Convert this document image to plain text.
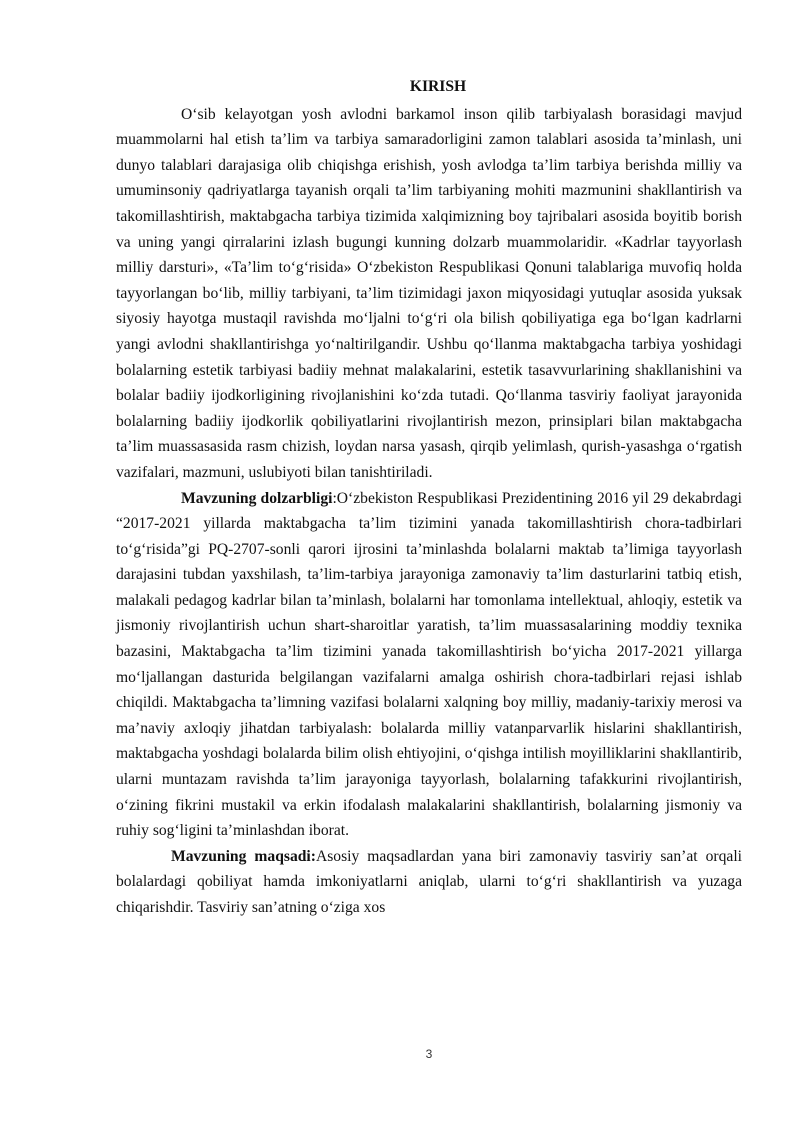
KIRISH

O‘sib kelayotgan yosh avlodni barkamol inson qilib tarbiyalash borasidagi mavjud muammolarni hal etish ta’lim va tarbiya samaradorligini zamon talablari asosida ta’minlash, uni dunyo talablari darajasiga olib chiqishga erishish, yosh avlodga ta’lim tarbiya berishda milliy va umuminsoniy qadriyatlarga tayanish orqali ta’lim tarbiyaning mohiti mazmunini shakllantirish va takomillashtirish, maktabgacha tarbiya tizimida xalqimizning boy tajribalari asosida boyitib borish va uning yangi qirralarini izlash bugungi kunning dolzarb muammolaridir. «Kadrlar tayyorlash milliy darsturi», «Ta’lim to‘g‘risida» O‘zbekiston Respublikasi Qonuni talablariga muvofiq holda tayyorlangan bo‘lib, milliy tarbiyani, ta’lim tizimidagi jaxon miqyosidagi yutuqlar asosida yuksak siyosiy hayotga mustaqil ravishda mo‘ljalni to‘g‘ri ola bilish qobiliyatiga ega bo‘lgan kadrlarni yangi avlodni shakllantirishga yo‘naltirilgandir. Ushbu qo‘llanma maktabgacha tarbiya yoshidagi bolalarning estetik tarbiyasi badiiy mehnat malakalarini, estetik tasavvurlarining shakllanishini va bolalar badiiy ijodkorligining rivojlanishini ko‘zda tutadi. Qo‘llanma tasviriy faoliyat jarayonida bolalarning badiiy ijodkorlik qobiliyatlarini rivojlantirish mezon, prinsiplari bilan maktabgacha ta’lim muassasasida rasm chizish, loydan narsa yasash, qirqib yelimlash, qurish-yasashga o‘rgatish vazifalari, mazmuni, uslubiyoti bilan tanishtiriladi.

Mavzuning dolzarbligi:O‘zbekiston Respublikasi Prezidentining 2016 yil 29 dekabrdagi “2017-2021 yillarda maktabgacha ta’lim tizimini yanada takomillashtirish chora-tadbirlari to‘g‘risida”gi PQ-2707-sonli qarori ijrosini ta’minlashda bolalarni maktab ta’limiga tayyorlash darajasini tubdan yaxshilash, ta’lim-tarbiya jarayoniga zamonaviy ta’lim dasturlarini tatbiq etish, malakali pedagog kadrlar bilan ta’minlash, bolalarni har tomonlama intellektual, ahloqiy, estetik va jismoniy rivojlantirish uchun shart-sharoitlar yaratish, ta’lim muassasalarining moddiy texnika bazasini, Maktabgacha ta’lim tizimini yanada takomillashtirish bo‘yicha 2017-2021 yillarga mo‘ljallangan dasturida belgilangan vazifalarni amalga oshirish chora-tadbirlari rejasi ishlab chiqildi. Maktabgacha ta’limning vazifasi bolalarni xalqning boy milliy, madaniy-tarixiy merosi va ma’naviy axloqiy jihatdan tarbiyalash: bolalarda milliy vatanparvarlik hislarini shakllantirish, maktabgacha yoshdagi bolalarda bilim olish ehtiyojini, o‘qishga intilish moyilliklarini shakllantirib, ularni muntazam ravishda ta’lim jarayoniga tayyorlash, bolalarning tafakkurini rivojlantirish, o‘zining fikrini mustakil va erkin ifodalash malakalarini shakllantirish, bolalarning jismoniy va ruhiy sog‘ligini ta’minlashdan iborat.

Mavzuning maqsadi:Asosiy maqsadlardan yana biri zamonaviy tasviriy san’at orqali bolalardagi qobiliyat hamda imkoniyatlarni aniqlab, ularni to‘g‘ri shakllantirish va yuzaga chiqarishdir. Tasviriy san’atning o‘ziga xos

3
